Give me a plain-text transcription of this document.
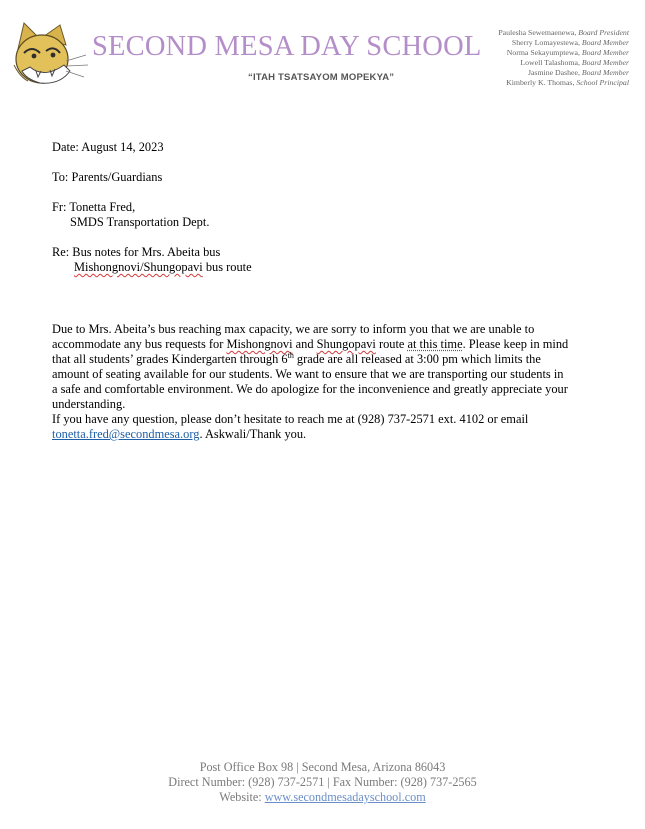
SECOND MESA DAY SCHOOL
“ITAH TSATSAYOM MOPEKYA”
Paulesha Sewemaenewa, Board President
Sherry Lomayestewa, Board Member
Norma Sekayumptewa, Board Member
Lowell Talashoma, Board Member
Jasmine Dashee, Board Member
Kimberly K. Thomas, School Principal

Date: August 14, 2023

To: Parents/Guardians

Fr: Tonetta Fred,

SMDS Transportation Dept.

Re: Bus notes for Mrs. Abeita bus

Mishongnovi/Shungopavi bus route

Due to Mrs. Abeita’s bus reaching max capacity, we are sorry to inform you that we are unable to

accommodate any bus requests for Mishongnovi and Shungopavi route at this time. Please keep in mind

that all students’ grades Kindergarten through 6th grade are all released at 3:00 pm which limits the

amount of seating available for our students. We want to ensure that we are transporting our students in

a safe and comfortable environment. We do apologize for the inconvenience and greatly appreciate your

understanding.

If you have any question, please don’t hesitate to reach me at (928) 737-2571 ext. 4102 or email

tonetta.fred@secondmesa.org. Askwali/Thank you.

Post Office Box 98 | Second Mesa, Arizona 86043
Direct Number: (928) 737-2571 | Fax Number: (928) 737-2565
Website: www.secondmesadayschool.com
